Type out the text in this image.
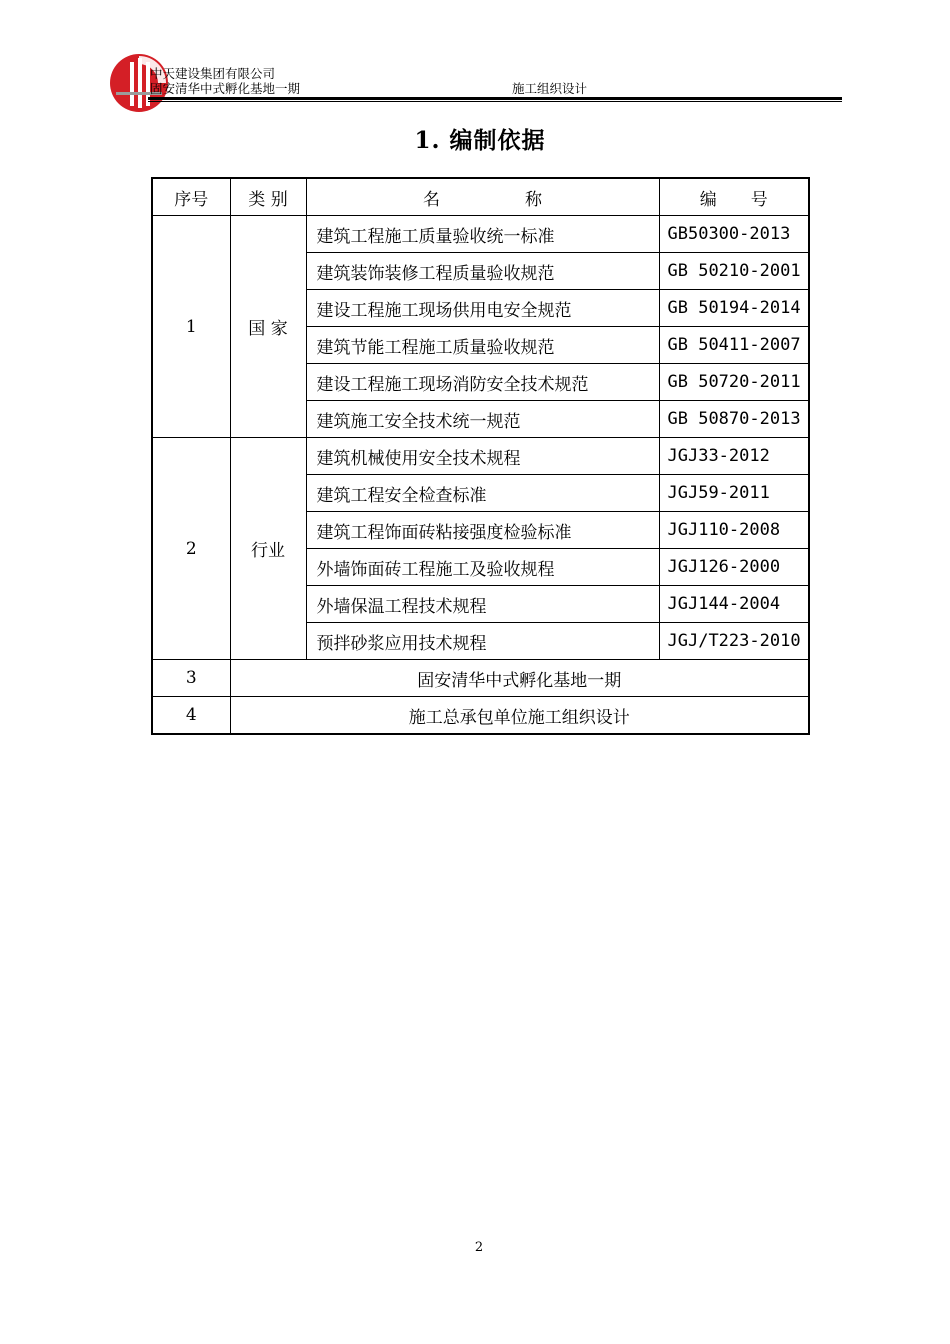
中天建设集团有限公司
固安清华中式孵化基地一期	施工组织设计
1. 编制依据
序号	类 别	名　　　　　称	编　　号
1	国 家	建筑工程施工质量验收统一标准	GB50300-2013
		建筑装饰装修工程质量验收规范	GB 50210-2001
		建设工程施工现场供用电安全规范	GB 50194-2014
		建筑节能工程施工质量验收规范	GB 50411-2007
		建设工程施工现场消防安全技术规范	GB 50720-2011
		建筑施工安全技术统一规范	GB 50870-2013
2	行业	建筑机械使用安全技术规程	JGJ33-2012
		建筑工程安全检查标准	JGJ59-2011
		建筑工程饰面砖粘接强度检验标准	JGJ110-2008
		外墙饰面砖工程施工及验收规程	JGJ126-2000
		外墙保温工程技术规程	JGJ144-2004
		预拌砂浆应用技术规程	JGJ/T223-2010
3	固安清华中式孵化基地一期		
4	施工总承包单位施工组织设计		
2
